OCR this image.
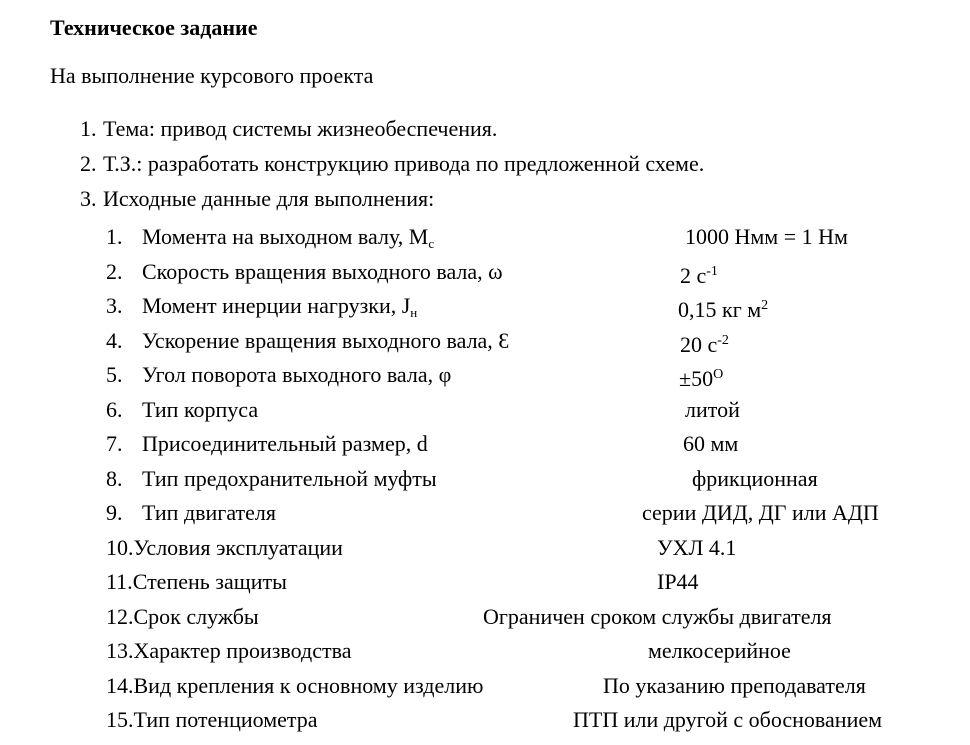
Техническое задание

На выполнение курсового проекта
1. Тема: привод системы жизнеобеспечения.
2. Т.З.: разработать конструкцию привода по предложенной схеме.
3. Исходные данные для выполнения:
1. Момента на выходном валу, Мс	1000 Нмм = 1 Нм
2. Скорость вращения выходного вала, ω	2 $с^{-1}$
3. Момент инерции нагрузки, Jн	0,15 кг $м^2$
4. Ускорение вращения выходного вала, Ɛ	20 $с^{-2}$
5. Угол поворота выходного вала, φ	$\pm 50^О$
6. Тип корпуса	литой
7. Присоединительный размер, d	60 мм
8. Тип предохранительной муфты	фрикционная
9. Тип двигателя	серии ДИД, ДГ или АДП
10.Условия эксплуатации	УХЛ 4.1
11.Степень защиты	IP44
12.Срок службы	Ограничен сроком службы двигателя
13.Характер производства	мелкосерийное
14.Вид крепления к основному изделию	По указанию преподавателя
15.Тип потенциометра	ПТП или другой с обоснованием
